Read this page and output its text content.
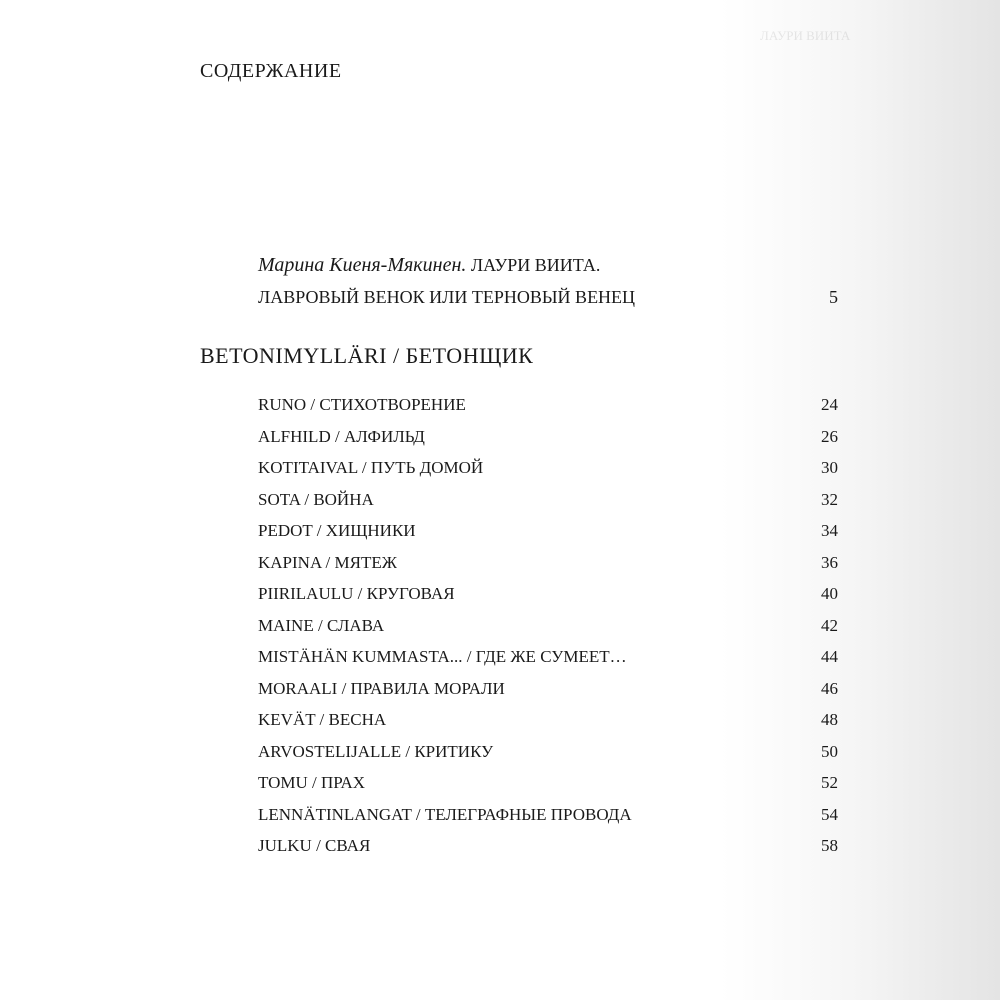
ЛАУРИ ВИИТА
СОДЕРЖАНИЕ
Марина Киеня-Мякинен. ЛАУРИ ВИИТА.
ЛАВРОВЫЙ ВЕНОК ИЛИ ТЕРНОВЫЙ ВЕНЕЦ	5
BETONIMYLLÄRI / БЕТОНЩИК
RUNO / СТИХОТВОРЕНИЕ	24
ALFHILD / АЛФИЛЬД	26
KOTITAIVAL / ПУТЬ ДОМОЙ	30
SOTA / ВОЙНА	32
PEDOT / ХИЩНИКИ	34
KAPINA / МЯТЕЖ	36
PIIRILAULU / КРУГОВАЯ	40
MAINE / СЛАВА	42
MISTÄHÄN KUMMASTA... / ГДЕ ЖЕ СУМЕЕТ…	44
MORAALI / ПРАВИЛА МОРАЛИ	46
KEVÄT / ВЕСНА	48
ARVOSTELIJALLE / КРИТИКУ	50
TOMU / ПРАХ	52
LENNÄTINLANGAT / ТЕЛЕГРАФНЫЕ ПРОВОДА	54
JULKU / СВАЯ	58
